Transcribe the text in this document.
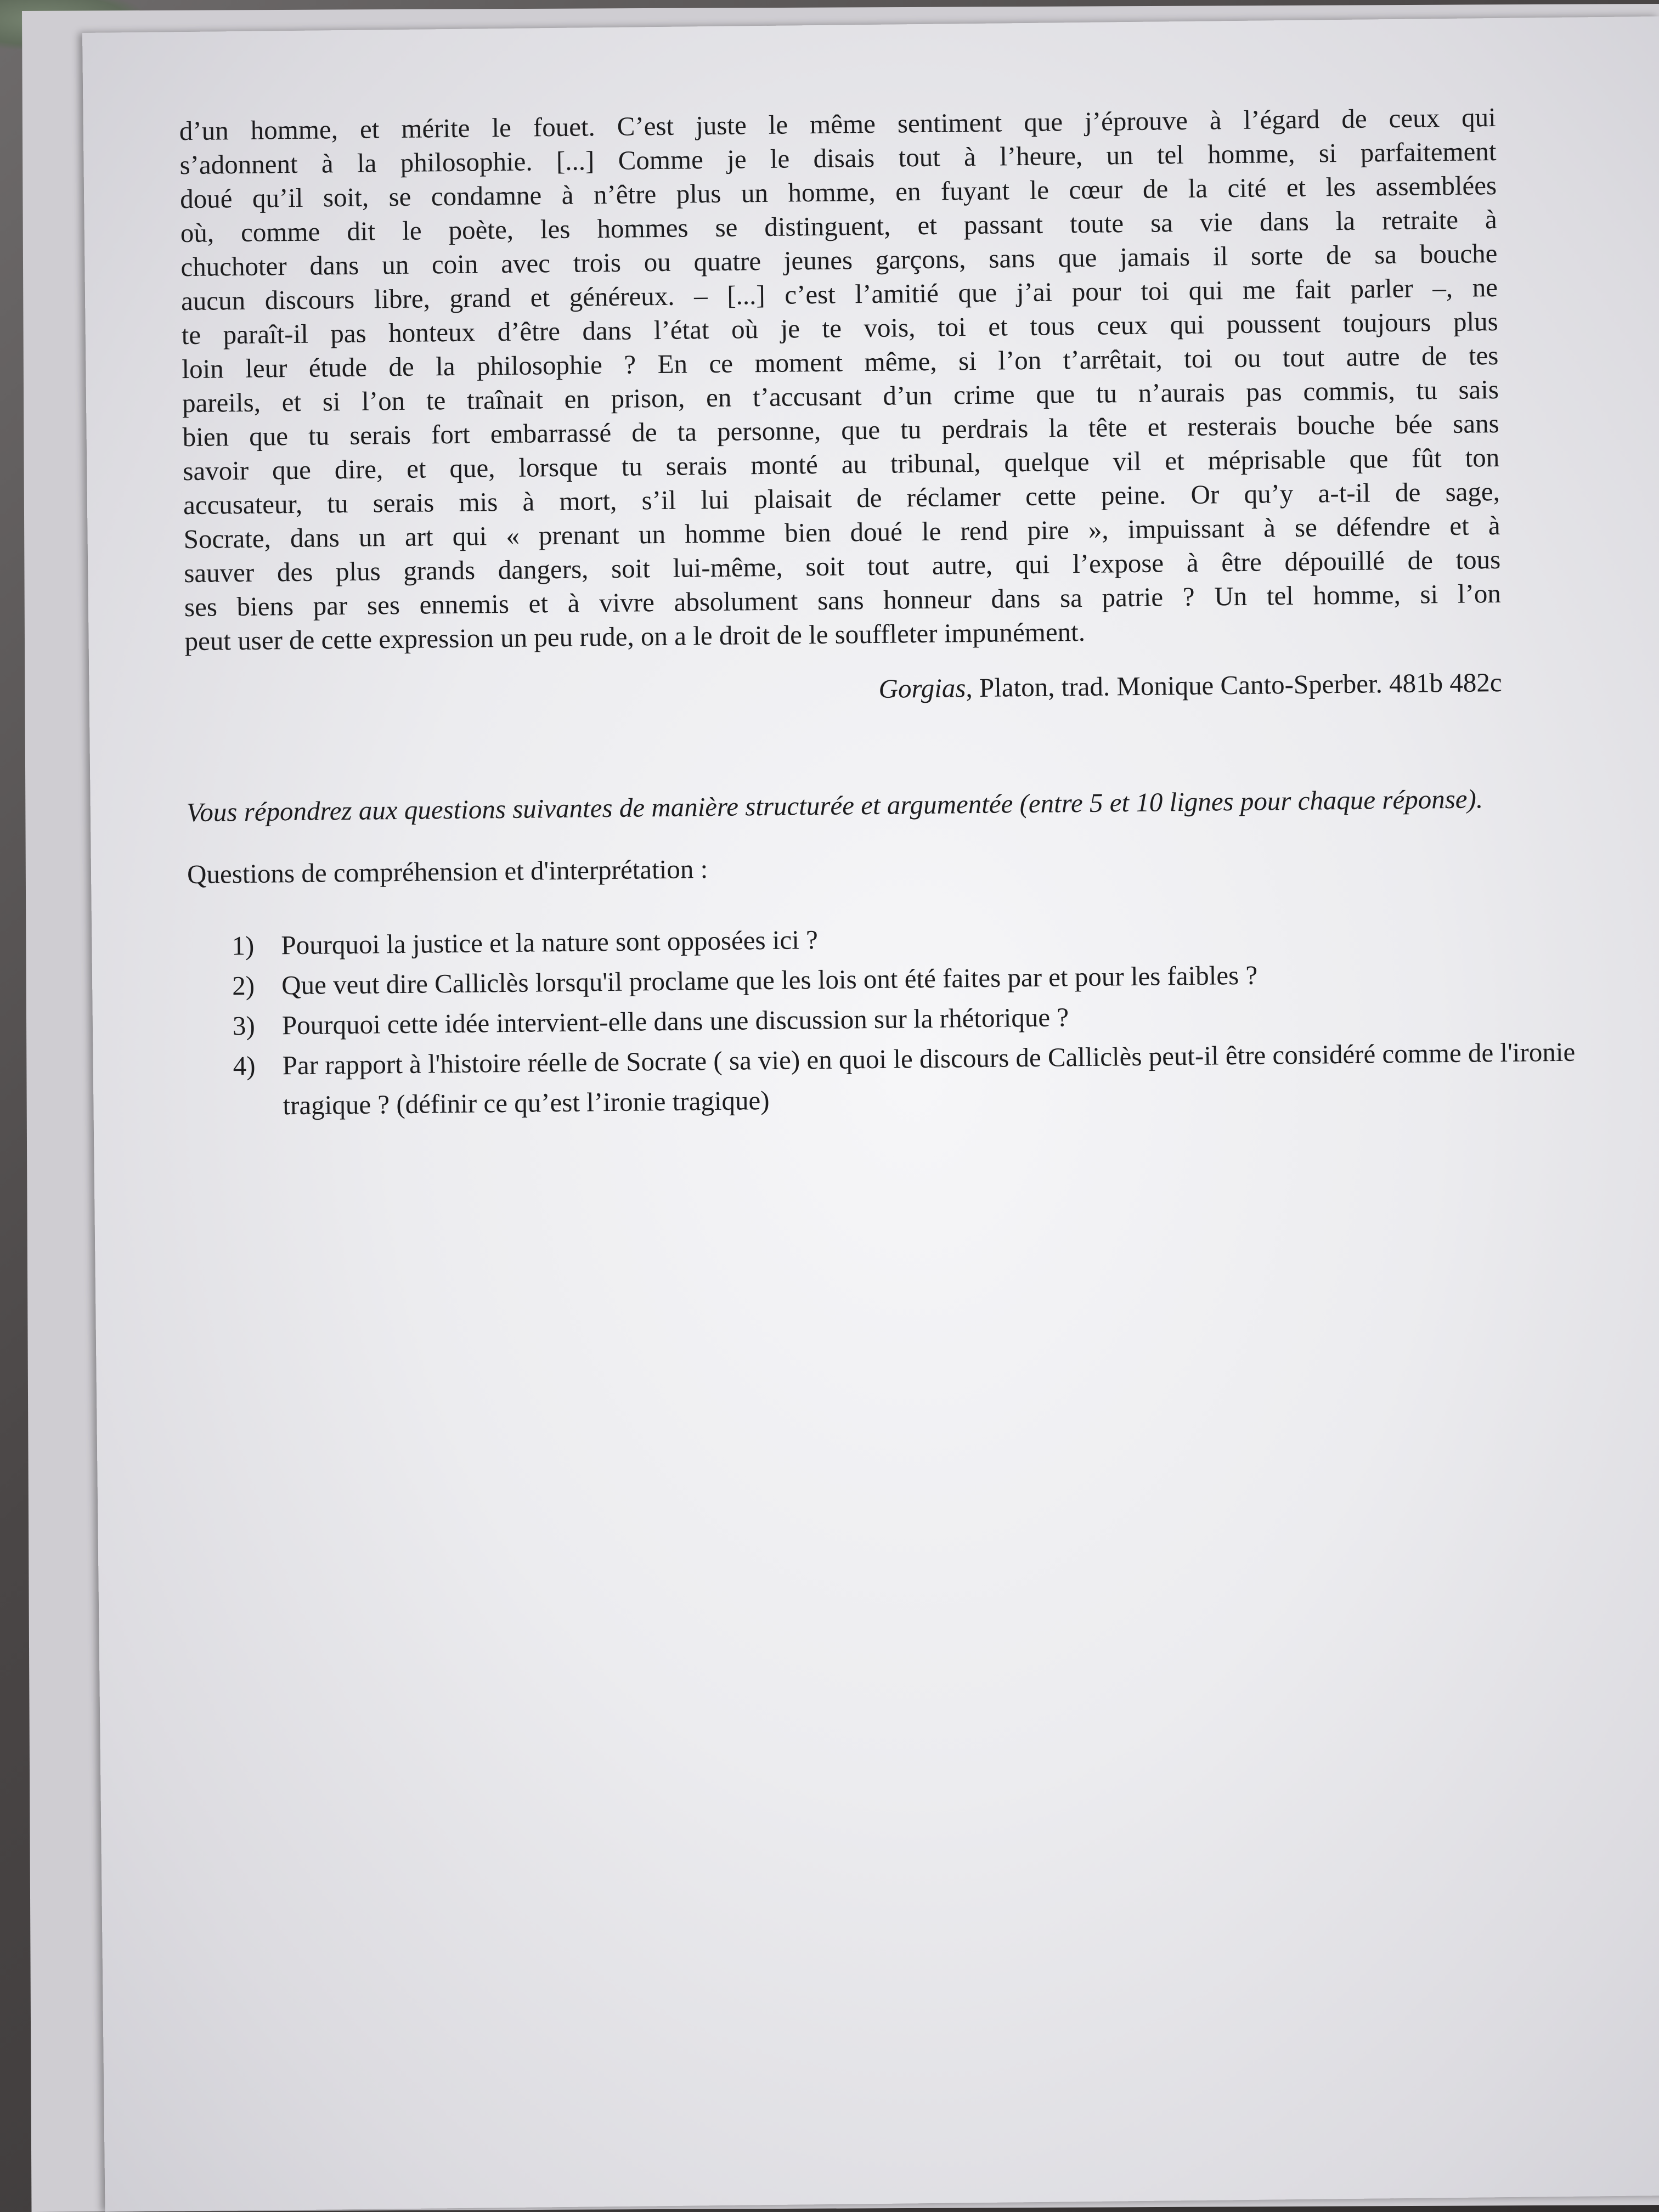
d’un homme, et mérite le fouet. C’est juste le même sentiment que j’éprouve à l’égard de ceux qui
s’adonnent à la philosophie. [...] Comme je le disais tout à l’heure, un tel homme, si parfaitement
doué qu’il soit, se condamne à n’être plus un homme, en fuyant le cœur de la cité et les assemblées
où, comme dit le poète, les hommes se distinguent, et passant toute sa vie dans la retraite à
chuchoter dans un coin avec trois ou quatre jeunes garçons, sans que jamais il sorte de sa bouche
aucun discours libre, grand et généreux. – [...] c’est l’amitié que j’ai pour toi qui me fait parler –, ne
te paraît-il pas honteux d’être dans l’état où je te vois, toi et tous ceux qui poussent toujours plus
loin leur étude de la philosophie ? En ce moment même, si l’on t’arrêtait, toi ou tout autre de tes
pareils, et si l’on te traînait en prison, en t’accusant d’un crime que tu n’aurais pas commis, tu sais
bien que tu serais fort embarrassé de ta personne, que tu perdrais la tête et resterais bouche bée sans
savoir que dire, et que, lorsque tu serais monté au tribunal, quelque vil et méprisable que fût ton
accusateur, tu serais mis à mort, s’il lui plaisait de réclamer cette peine. Or qu’y a-t-il de sage,
Socrate, dans un art qui « prenant un homme bien doué le rend pire », impuissant à se défendre et à
sauver des plus grands dangers, soit lui-même, soit tout autre, qui l’expose à être dépouillé de tous
ses biens par ses ennemis et à vivre absolument sans honneur dans sa patrie ? Un tel homme, si l’on
peut user de cette expression un peu rude, on a le droit de le souffleter impunément.

Gorgias, Platon, trad. Monique Canto-Sperber. 481b 482c
Vous répondrez aux questions suivantes de manière structurée et argumentée (entre 5 et 10 lignes pour chaque réponse).
Questions de compréhension et d'interprétation :
1) Pourquoi la justice et la nature sont opposées ici ?
2) Que veut dire Calliclès lorsqu'il proclame que les lois ont été faites par et pour les faibles ?
3) Pourquoi cette idée intervient-elle dans une discussion sur la rhétorique ?
4) Par rapport à l'histoire réelle de Socrate ( sa vie) en quoi le discours de Calliclès peut-il être considéré comme de l'ironie tragique ? (définir ce qu’est l’ironie tragique)
